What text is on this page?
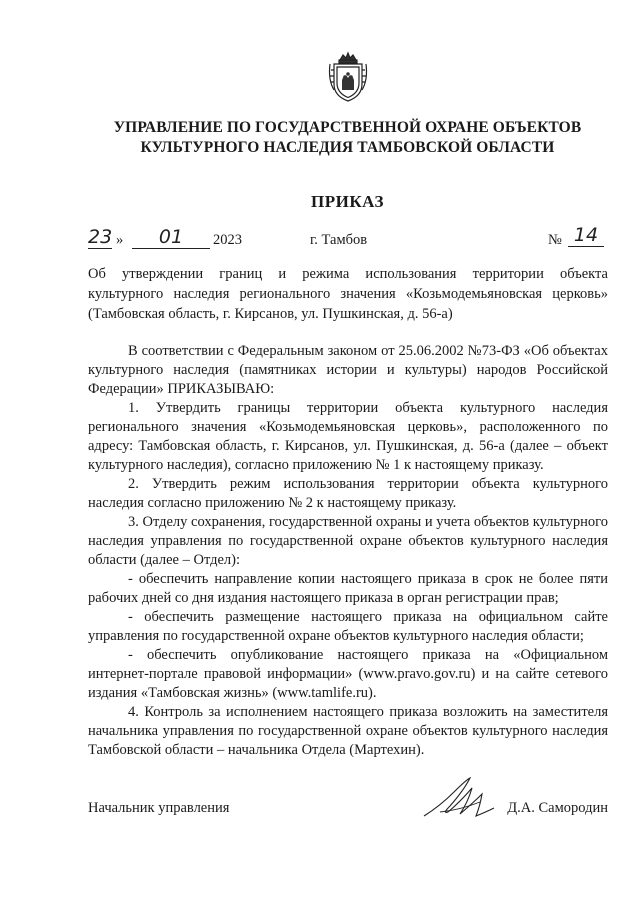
УПРАВЛЕНИЕ ПО ГОСУДАРСТВЕННОЙ ОХРАНЕ ОБЪЕКТОВ
КУЛЬТУРНОГО НАСЛЕДИЯ ТАМБОВСКОЙ ОБЛАСТИ
ПРИКАЗ
23 »	01	2023	г. Тамбов	№ 14
Об утверждении границ и режима использования территории объекта
культурного наследия регионального значения «Козьмодемьяновская церковь»
(Тамбовская область, г. Кирсанов, ул. Пушкинская, д. 56-а)

В соответствии с Федеральным законом от 25.06.2002 №73-ФЗ «Об объектах культурного наследия (памятниках истории и культуры) народов Российской Федерации» ПРИКАЗЫВАЮ:

1. Утвердить границы территории объекта культурного наследия регионального значения «Козьмодемьяновская церковь», расположенного по адресу: Тамбовская область, г. Кирсанов, ул. Пушкинская, д. 56-а (далее – объект культурного наследия), согласно приложению № 1 к настоящему приказу.

2. Утвердить режим использования территории объекта культурного наследия согласно приложению № 2 к настоящему приказу.

3. Отделу сохранения, государственной охраны и учета объектов культурного наследия управления по государственной охране объектов культурного наследия области (далее – Отдел):

- обеспечить направление копии настоящего приказа в срок не более пяти рабочих дней со дня издания настоящего приказа в орган регистрации прав;

- обеспечить размещение настоящего приказа на официальном сайте управления по государственной охране объектов культурного наследия области;

- обеспечить опубликование настоящего приказа на «Официальном интернет-портале правовой информации» (www.pravo.gov.ru) и на сайте сетевого издания «Тамбовская жизнь» (www.tamlife.ru).

4. Контроль за исполнением настоящего приказа возложить на заместителя начальника управления по государственной охране объектов культурного наследия Тамбовской области – начальника Отдела (Мартехин).

Начальник управления	Д.А. Самородин
